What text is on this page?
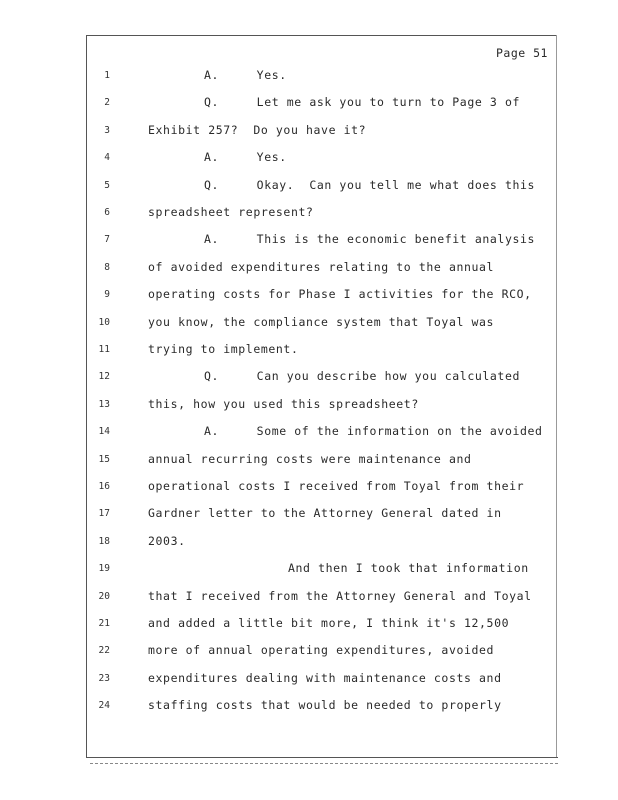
Page 51
1	A.     Yes.
2	Q.     Let me ask you to turn to Page 3 of
3	Exhibit 257?  Do you have it?
4	A.     Yes.
5	Q.     Okay.  Can you tell me what does this
6	spreadsheet represent?
7	A.     This is the economic benefit analysis
8	of avoided expenditures relating to the annual
9	operating costs for Phase I activities for the RCO,
10	you know, the compliance system that Toyal was
11	trying to implement.
12	Q.     Can you describe how you calculated
13	this, how you used this spreadsheet?
14	A.     Some of the information on the avoided
15	annual recurring costs were maintenance and
16	operational costs I received from Toyal from their
17	Gardner letter to the Attorney General dated in
18	2003.
19	And then I took that information
20	that I received from the Attorney General and Toyal
21	and added a little bit more, I think it's 12,500
22	more of annual operating expenditures, avoided
23	expenditures dealing with maintenance costs and
24	staffing costs that would be needed to properly
